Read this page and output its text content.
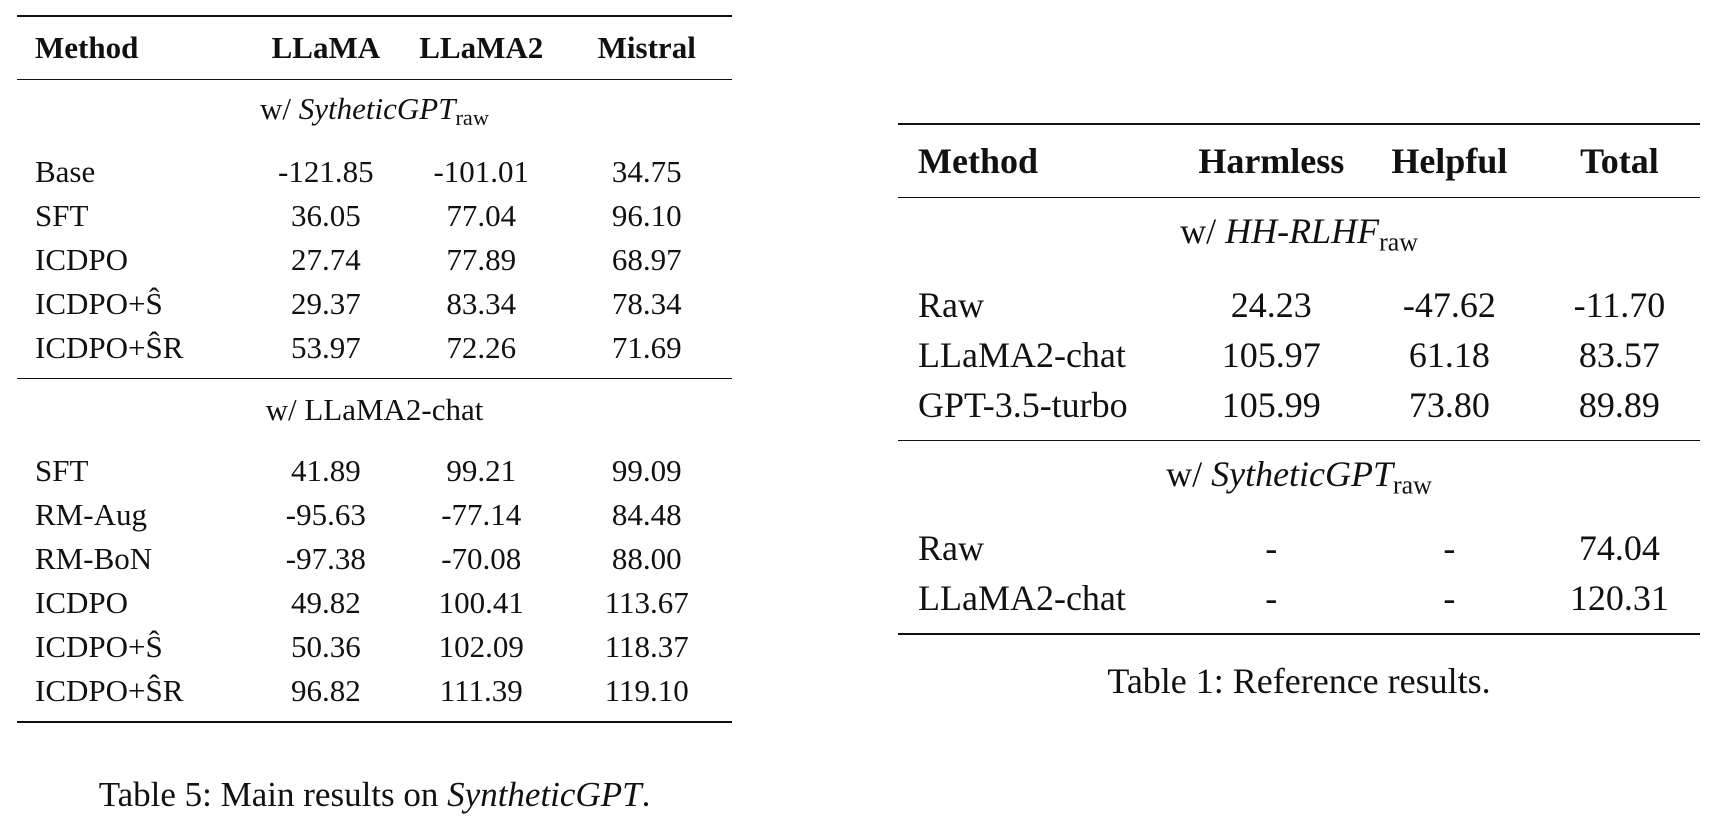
Method	LLaMA	LLaMA2	Mistral
w/ SytheticGPT$_{raw}$
Base	-121.85	-101.01	34.75
SFT	36.05	77.04	96.10
ICDPO	27.74	77.89	68.97
ICDPO+Ŝ	29.37	83.34	78.34
ICDPO+ŜR	53.97	72.26	71.69
w/ LLaMA2-chat			
SFT	41.89	99.21	99.09
RM-Aug	-95.63	-77.14	84.48
RM-BoN	-97.38	-70.08	88.00
ICDPO	49.82	100.41	113.67
ICDPO+Ŝ	50.36	102.09	118.37
ICDPO+ŜR	96.82	111.39	119.10
Table 5: Main results on SyntheticGPT.
Method	Harmless	Helpful	Total
w/ $HH-RLHF_{raw}$
Raw	24.23	-47.62	-11.70
LLaMA2-chat	105.97	61.18	83.57
GPT-3.5-turbo	105.99	73.80	89.89
w/ SytheticGPT$_{raw}$
Raw	-	-	74.04
LLaMA2-chat	-	-	120.31
Table 1: Reference results.
